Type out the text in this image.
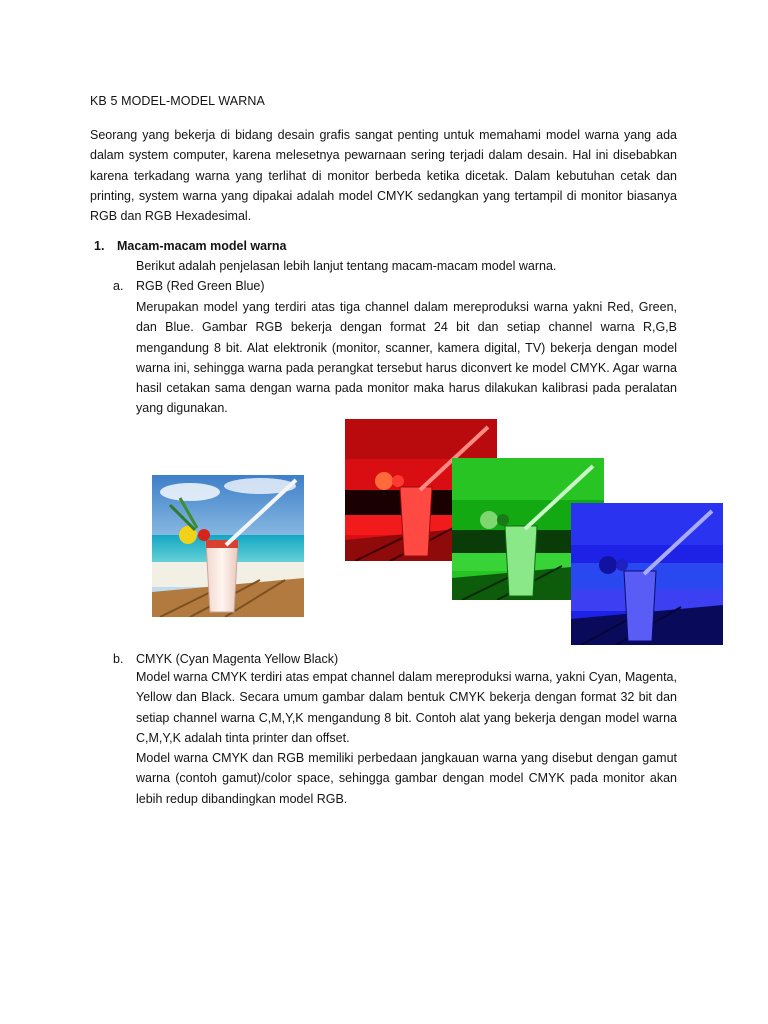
KB 5 MODEL-MODEL WARNA
Seorang yang bekerja di bidang desain grafis sangat penting untuk memahami model warna yang ada dalam system computer, karena melesetnya pewarnaan sering terjadi dalam desain. Hal ini disebabkan karena terkadang warna yang terlihat di monitor berbeda ketika dicetak. Dalam kebutuhan cetak dan printing, system warna yang dipakai adalah model CMYK sedangkan yang tertampil di monitor biasanya RGB dan RGB Hexadesimal.
1.	Macam-macam model warna
Berikut adalah penjelasan lebih lanjut tentang macam-macam model warna.
a. RGB (Red Green Blue)
Merupakan model yang terdiri atas tiga channel dalam mereproduksi warna yakni Red, Green, dan Blue. Gambar RGB bekerja dengan format 24 bit dan setiap channel warna R,G,B mengandung 8 bit. Alat elektronik (monitor, scanner, kamera digital, TV) bekerja dengan model warna ini, sehingga warna pada perangkat tersebut harus diconvert ke model CMYK. Agar warna hasil cetakan sama dengan warna pada monitor maka harus dilakukan kalibrasi pada peralatan yang digunakan.
b. CMYK (Cyan Magenta Yellow Black)
Model warna CMYK terdiri atas empat channel dalam mereproduksi warna, yakni Cyan, Magenta, Yellow dan Black. Secara umum gambar dalam bentuk CMYK bekerja dengan format 32 bit dan setiap channel warna C,M,Y,K mengandung 8 bit. Contoh alat yang bekerja dengan model warna C,M,Y,K adalah tinta printer dan offset.
Model warna CMYK dan RGB memiliki perbedaan jangkauan warna yang disebut dengan gamut warna (contoh gamut)/color space, sehingga gambar dengan model CMYK pada monitor akan lebih redup dibandingkan model RGB.
